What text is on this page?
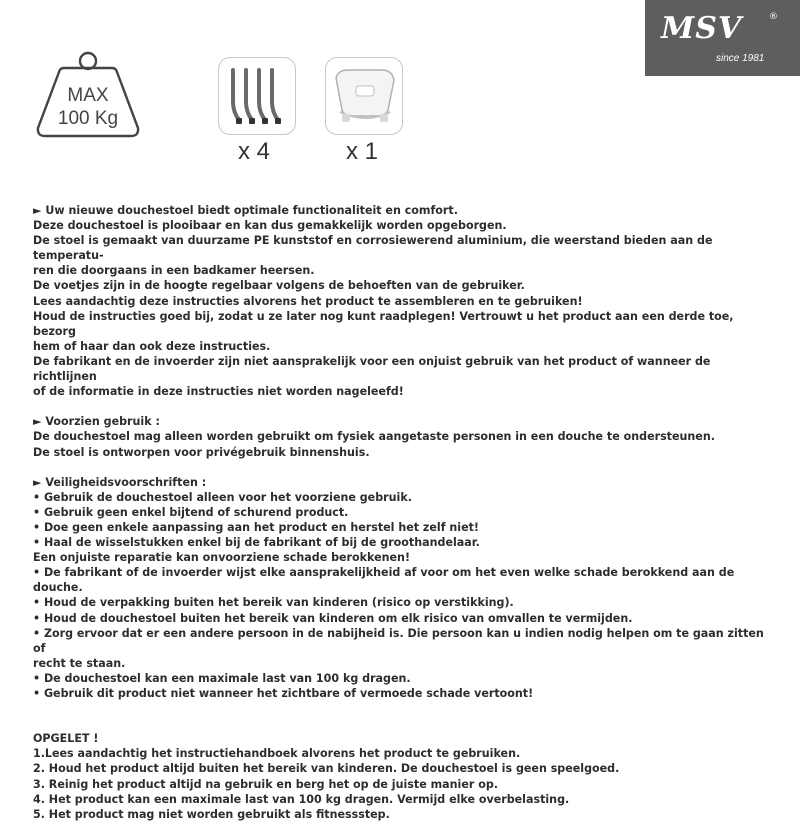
MSV	®
since 1981
MAX
100 Kg
x 4	x 1

► Uw nieuwe douchestoel biedt optimale functionaliteit en comfort.

Deze douchestoel is plooibaar en kan dus gemakkelijk worden opgeborgen.

De stoel is gemaakt van duurzame PE kunststof en corrosiewerend aluminium, die weerstand bieden aan de temperatu-

ren die doorgaans in een badkamer heersen.

De voetjes zijn in de hoogte regelbaar volgens de behoeften van de gebruiker.

Lees aandachtig deze instructies alvorens het product te assembleren en te gebruiken!

Houd de instructies goed bij, zodat u ze later nog kunt raadplegen! Vertrouwt u het product aan een derde toe, bezorg

hem of haar dan ook deze instructies.

De fabrikant en de invoerder zijn niet aansprakelijk voor een onjuist gebruik van het product of wanneer de richtlijnen

of de informatie in deze instructies niet worden nageleefd!

► Voorzien gebruik :

De douchestoel mag alleen worden gebruikt om fysiek aangetaste personen in een douche te ondersteunen.

De stoel is ontworpen voor privégebruik binnenshuis.

► Veiligheidsvoorschriften :

• Gebruik de douchestoel alleen voor het voorziene gebruik.

• Gebruik geen enkel bijtend of schurend product.

• Doe geen enkele aanpassing aan het product en herstel het zelf niet!

• Haal de wisselstukken enkel bij de fabrikant of bij de groothandelaar.

Een onjuiste reparatie kan onvoorziene schade berokkenen!

• De fabrikant of de invoerder wijst elke aansprakelijkheid af voor om het even welke schade berokkend aan de

douche.

• Houd de verpakking buiten het bereik van kinderen (risico op verstikking).

• Houd de douchestoel buiten het bereik van kinderen om elk risico van omvallen te vermijden.

• Zorg ervoor dat er een andere persoon in de nabijheid is. Die persoon kan u indien nodig helpen om te gaan zitten of

recht te staan.

• De douchestoel kan een maximale last van 100 kg dragen.

• Gebruik dit product niet wanneer het zichtbare of vermoede schade vertoont!

OPGELET !

1.Lees aandachtig het instructiehandboek alvorens het product te gebruiken.

2. Houd het product altijd buiten het bereik van kinderen. De douchestoel is geen speelgoed.

3. Reinig het product altijd na gebruik en berg het op de juiste manier op.

4. Het product kan een maximale last van 100 kg dragen. Vermijd elke overbelasting.

5. Het product mag niet worden gebruikt als fitnessstep.
